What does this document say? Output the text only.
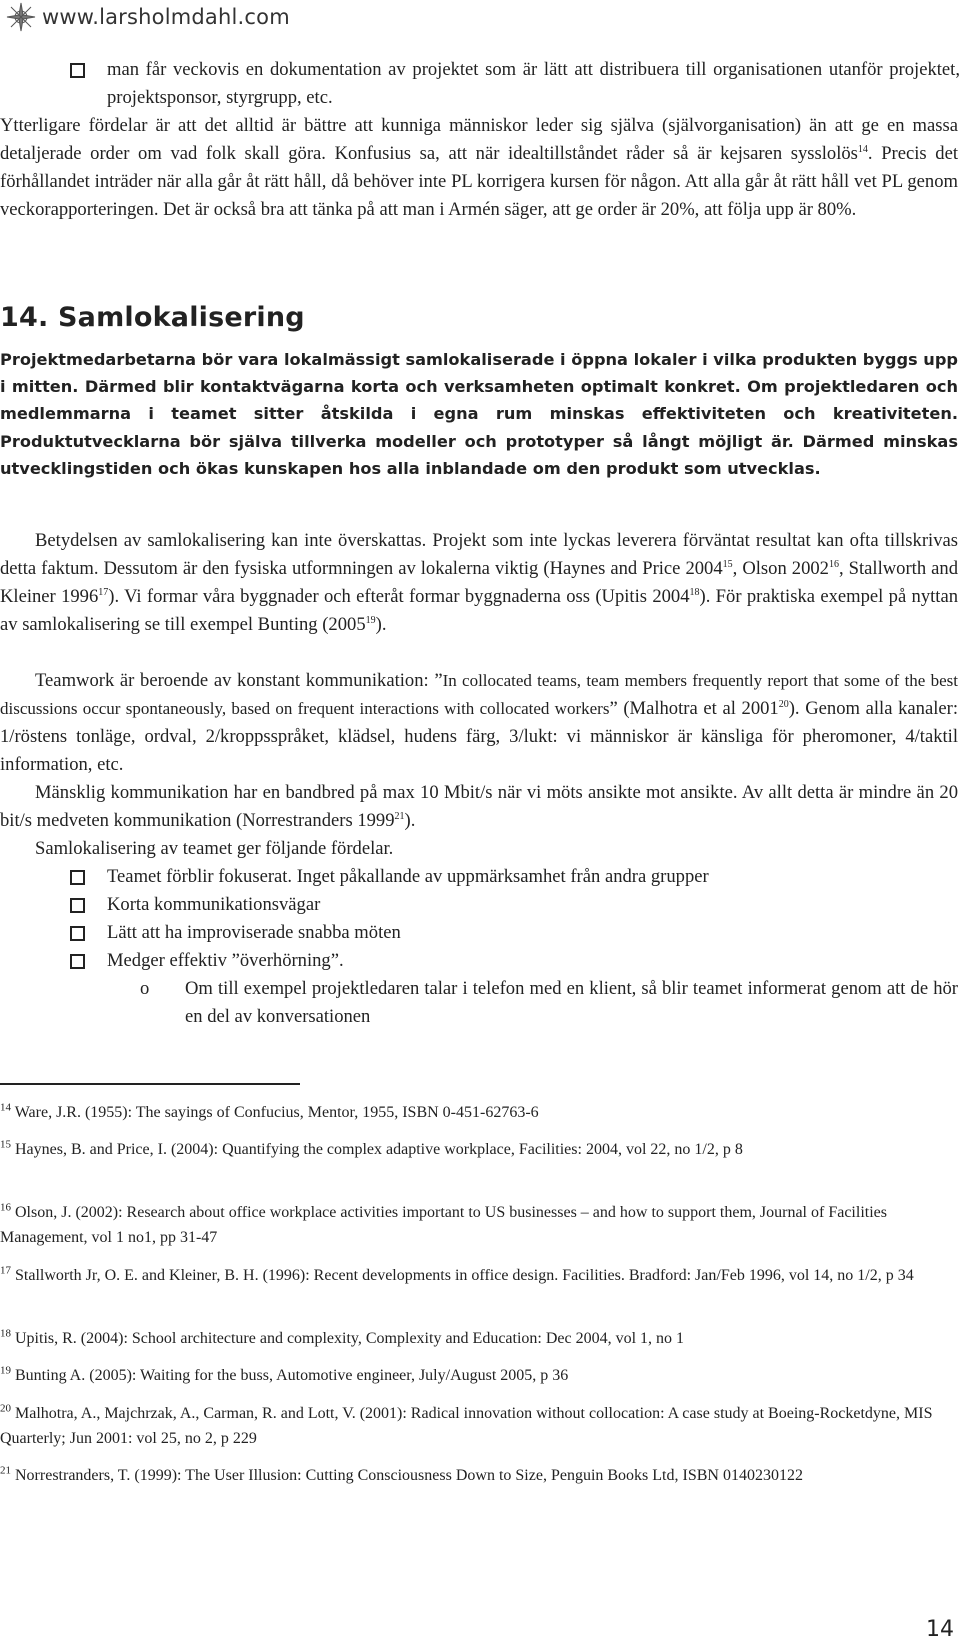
www.larsholmdahl.com
man får veckovis en dokumentation av projektet som är lätt att distribuera till organisationen utanför projektet, projektsponsor, styrgrupp, etc.
Ytterligare fördelar är att det alltid är bättre att kunniga människor leder sig själva (självorganisation) än att ge en massa detaljerade order om vad folk skall göra. Konfusius sa, att när idealtillståndet råder så är kejsaren sysslolös$^{14}$. Precis det förhållandet inträder när alla går åt rätt håll, då behöver inte PL korrigera kursen för någon. Att alla går åt rätt håll vet PL genom veckorapporteringen. Det är också bra att tänka på att man i Armén säger, att ge order är 20%, att följa upp är 80%.
14. Samlokalisering
Projektmedarbetarna bör vara lokalmässigt samlokaliserade i öppna lokaler i vilka produkten byggs upp i mitten. Därmed blir kontaktvägarna korta och verksamheten optimalt konkret. Om projektledaren och medlemmarna i teamet sitter åtskilda i egna rum minskas effektiviteten och kreativiteten. Produktutvecklarna bör själva tillverka modeller och prototyper så långt möjligt är. Därmed minskas utvecklingstiden och ökas kunskapen hos alla inblandade om den produkt som utvecklas.
Betydelsen av samlokalisering kan inte överskattas. Projekt som inte lyckas leverera förväntat resultat kan ofta tillskrivas detta faktum. Dessutom är den fysiska utformningen av lokalerna viktig (Haynes and Price 2004$^{15}$, Olson 2002$^{16}$, Stallworth and Kleiner 1996$^{17}$). Vi formar våra byggnader och efteråt formar byggnaderna oss (Upitis 2004$^{18}$). För praktiska exempel på nyttan av samlokalisering se till exempel Bunting (2005$^{19}$).
Teamwork är beroende av konstant kommunikation: ”In collocated teams, team members frequently report that some of the best discussions occur spontaneously, based on frequent interactions with collocated workers” (Malhotra et al 2001$^{20}$). Genom alla kanaler: 1/röstens tonläge, ordval, 2/kroppsspråket, klädsel, hudens färg, 3/lukt: vi människor är känsliga för pheromoner, 4/taktil information, etc.
Mänsklig kommunikation har en bandbred på max 10 Mbit/s när vi möts ansikte mot ansikte. Av allt detta är mindre än 20 bit/s medveten kommunikation (Norrestranders 1999$^{21}$).
Samlokalisering av teamet ger följande fördelar.
Teamet förblir fokuserat. Inget påkallande av uppmärksamhet från andra grupper
Korta kommunikationsvägar
Lätt att ha improviserade snabba möten
Medger effektiv ”överhörning”.
o	Om till exempel projektledaren talar i telefon med en klient, så blir teamet informerat genom att de hör en del av konversationen
$^{14}$ Ware, J.R. (1955): The sayings of Confucius, Mentor, 1955, ISBN 0-451-62763-6
$^{15}$ Haynes, B. and Price, I. (2004): Quantifying the complex adaptive workplace, Facilities: 2004, vol 22, no 1/2, p 8
$^{16}$ Olson, J. (2002): Research about office workplace activities important to US businesses – and how to support them, Journal of Facilities Management, vol 1 no1, pp 31-47
$^{17}$ Stallworth Jr, O. E. and Kleiner, B. H. (1996): Recent developments in office design. Facilities. Bradford: Jan/Feb 1996, vol 14, no 1/2, p 34
$^{18}$ Upitis, R. (2004): School architecture and complexity, Complexity and Education: Dec 2004, vol 1, no 1
$^{19}$ Bunting A. (2005): Waiting for the buss, Automotive engineer, July/August 2005, p 36
$^{20}$ Malhotra, A., Majchrzak, A., Carman, R. and Lott, V. (2001): Radical innovation without collocation: A case study at Boeing-Rocketdyne, MIS Quarterly; Jun 2001: vol 25, no 2, p 229
$^{21}$ Norrestranders, T. (1999): The User Illusion: Cutting Consciousness Down to Size, Penguin Books Ltd, ISBN 0140230122
14
